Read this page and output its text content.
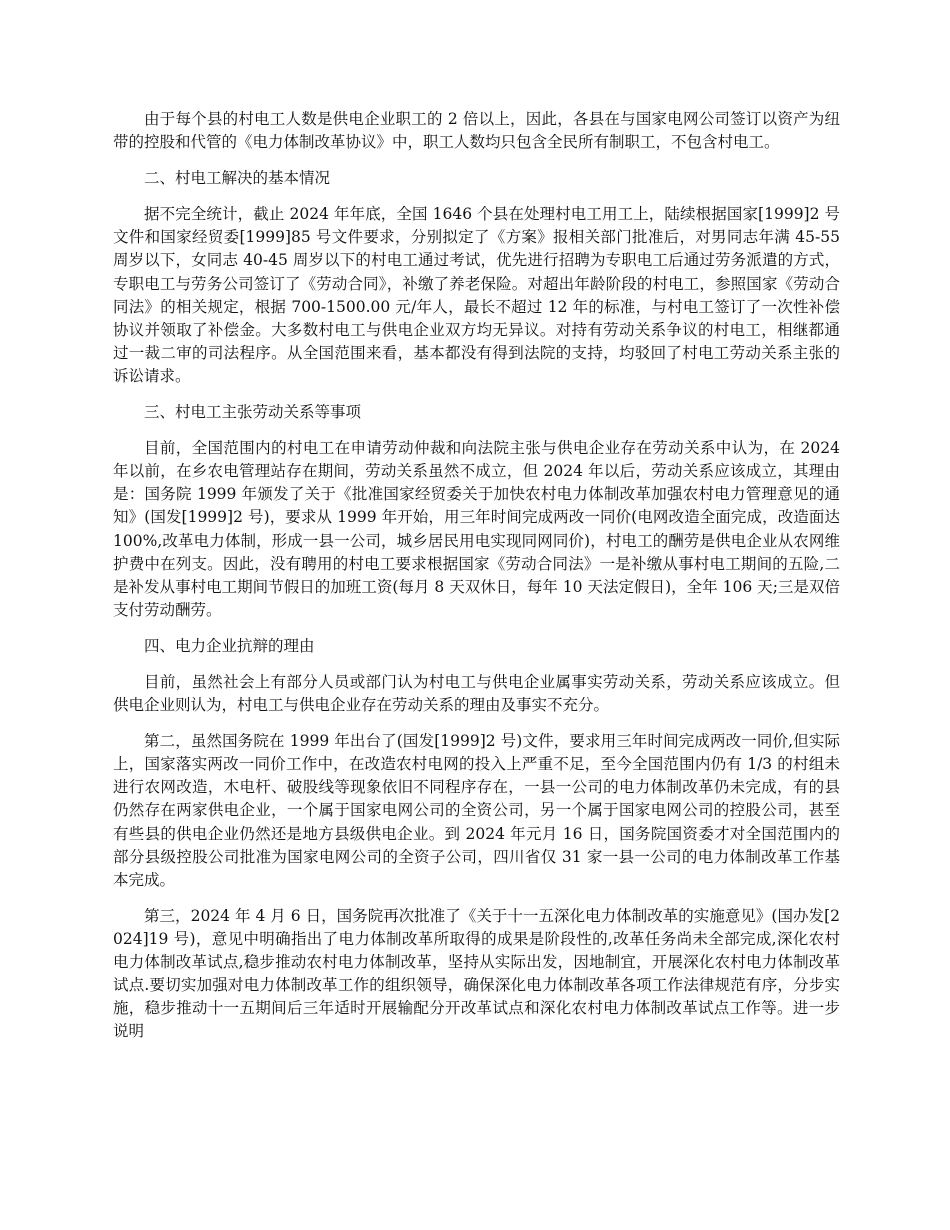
由于每个县的村电工人数是供电企业职工的 2 倍以上，因此，各县在与国家电网公司签订以资产为纽带的控股和代管的《电力体制改革协议》中，职工人数均只包含全民所有制职工，不包含村电工。

二、村电工解决的基本情况

据不完全统计，截止 2024 年年底，全国 1646 个县在处理村电工用工上，陆续根据国家[1999]2 号文件和国家经贸委[1999]85 号文件要求，分别拟定了《方案》报相关部门批准后，对男同志年满 45-55 周岁以下，女同志 40-45 周岁以下的村电工通过考试，优先进行招聘为专职电工后通过劳务派遣的方式，专职电工与劳务公司签订了《劳动合同》，补缴了养老保险。对超出年龄阶段的村电工，参照国家《劳动合同法》的相关规定，根据 700-1500.00 元/年人，最长不超过 12 年的标准，与村电工签订了一次性补偿协议并领取了补偿金。大多数村电工与供电企业双方均无异议。对持有劳动关系争议的村电工，相继都通过一裁二审的司法程序。从全国范围来看，基本都没有得到法院的支持，均驳回了村电工劳动关系主张的诉讼请求。

三、村电工主张劳动关系等事项

目前，全国范围内的村电工在申请劳动仲裁和向法院主张与供电企业存在劳动关系中认为，在 2024 年以前，在乡农电管理站存在期间，劳动关系虽然不成立，但 2024 年以后，劳动关系应该成立，其理由是：国务院 1999 年颁发了关于《批准国家经贸委关于加快农村电力体制改革加强农村电力管理意见的通知》(国发[1999]2 号)，要求从 1999 年开始，用三年时间完成两改一同价(电网改造全面完成，改造面达 100%,改革电力体制，形成一县一公司，城乡居民用电实现同网同价)，村电工的酬劳是供电企业从农网维护费中在列支。因此，没有聘用的村电工要求根据国家《劳动合同法》一是补缴从事村电工期间的五险,二是补发从事村电工期间节假日的加班工资(每月 8 天双休日，每年 10 天法定假日)，全年 106 天;三是双倍支付劳动酬劳。

四、电力企业抗辩的理由

目前，虽然社会上有部分人员或部门认为村电工与供电企业属事实劳动关系，劳动关系应该成立。但供电企业则认为，村电工与供电企业存在劳动关系的理由及事实不充分。

第二，虽然国务院在 1999 年出台了(国发[1999]2 号)文件，要求用三年时间完成两改一同价,但实际上，国家落实两改一同价工作中，在改造农村电网的投入上严重不足，至今全国范围内仍有 1/3 的村组未进行农网改造，木电杆、破股线等现象依旧不同程序存在，一县一公司的电力体制改革仍未完成，有的县仍然存在两家供电企业，一个属于国家电网公司的全资公司，另一个属于国家电网公司的控股公司，甚至有些县的供电企业仍然还是地方县级供电企业。到 2024 年元月 16 日，国务院国资委才对全国范围内的部分县级控股公司批准为国家电网公司的全资子公司，四川省仅 31 家一县一公司的电力体制改革工作基本完成。

第三，2024 年 4 月 6 日，国务院再次批准了《关于十一五深化电力体制改革的实施意见》(国办发[2024]19 号)，意见中明确指出了电力体制改革所取得的成果是阶段性的,改革任务尚未全部完成,深化农村电力体制改革试点,稳步推动农村电力体制改革，坚持从实际出发，因地制宜，开展深化农村电力体制改革试点.要切实加强对电力体制改革工作的组织领导，确保深化电力体制改革各项工作法律规范有序，分步实施，稳步推动十一五期间后三年适时开展输配分开改革试点和深化农村电力体制改革试点工作等。进一步说明
